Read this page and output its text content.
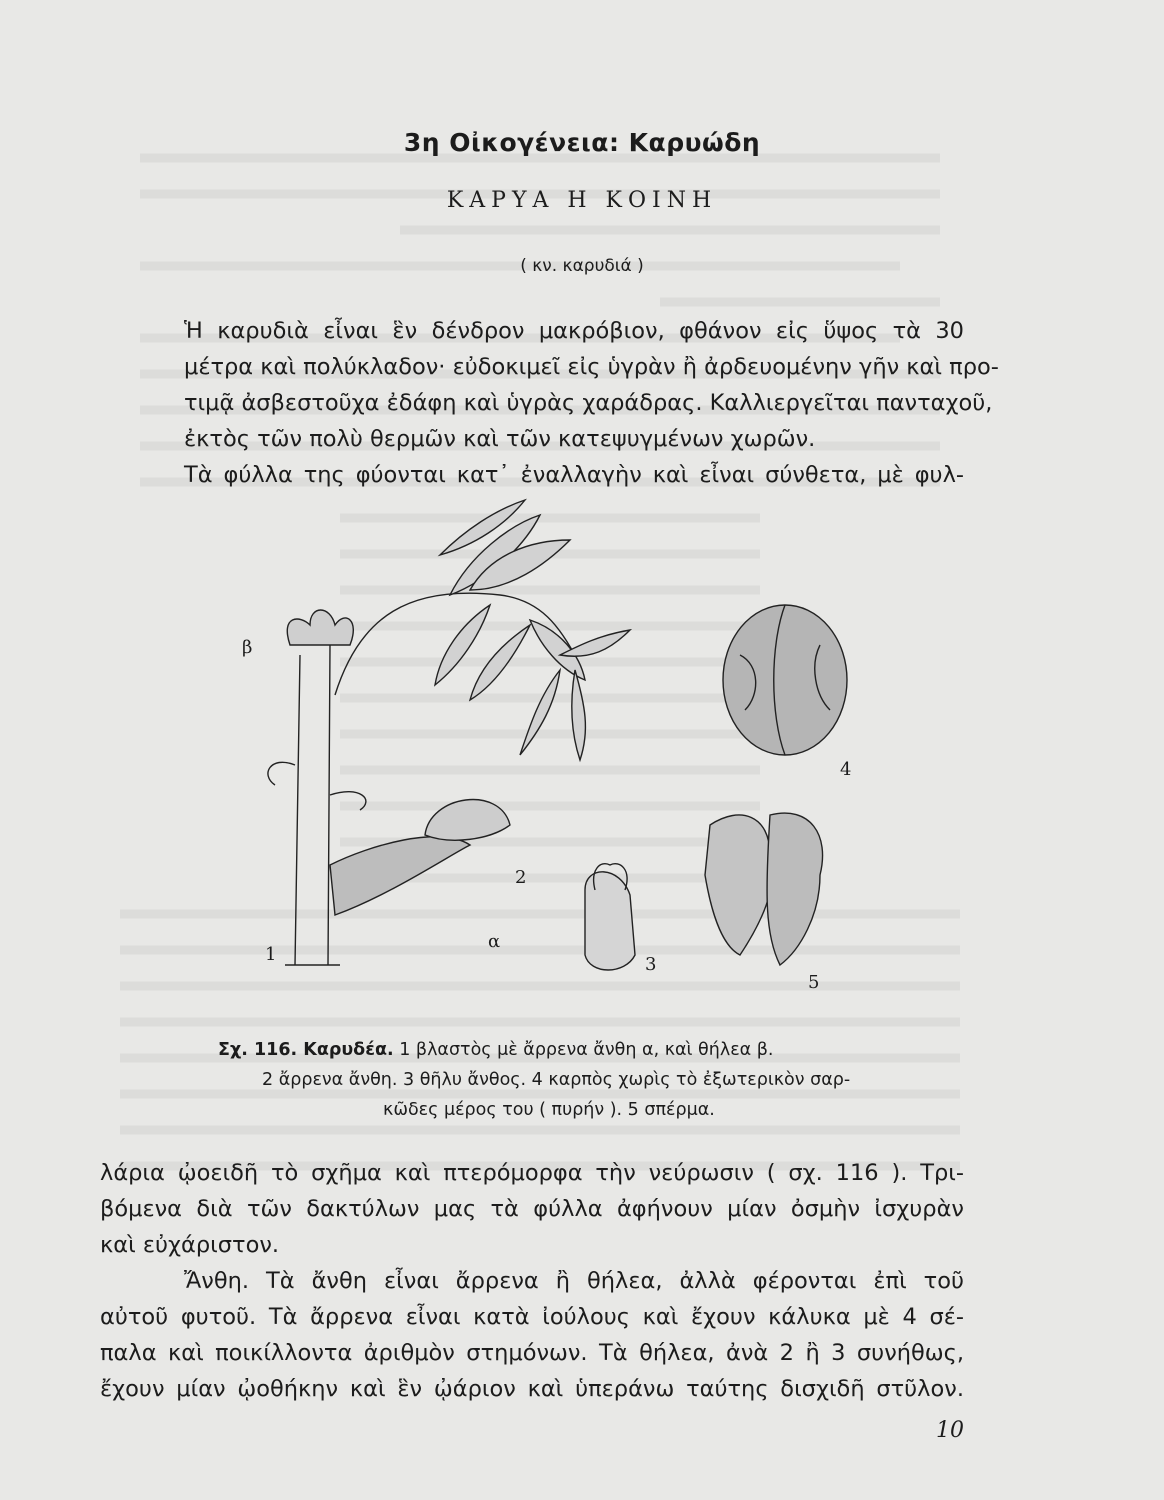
3η Οἰκογένεια: Καρυώδη
ΚΑΡΥΑ Η ΚΟΙΝΗ
( κν. καρυδιά )
Ἡ καρυδιὰ εἶναι ἓν δένδρον μακρόβιον, φθάνον εἰς ὕψος τὰ 30
μέτρα καὶ πολύκλαδον· εὐδοκιμεῖ εἰς ὑγρὰν ἢ ἀρδευομένην γῆν καὶ προ-
τιμᾷ ἀσβεστοῦχα ἐδάφη καὶ ὑγρὰς χαράδρας. Καλλιεργεῖται πανταχοῦ,
ἐκτὸς τῶν πολὺ θερμῶν καὶ τῶν κατεψυγμένων χωρῶν.
Τὰ φύλλα της φύονται κατ᾽ ἐναλλαγὴν καὶ εἶναι σύνθετα, μὲ φυλ-
β
α
1
2
3
4
5
Σχ. 116. Καρυδέα. 1 βλαστὸς μὲ ἄρρενα ἄνθη α, καὶ θήλεα β.
2 ἄρρενα ἄνθη. 3 θῆλυ ἄνθος. 4 καρπὸς χωρὶς τὸ ἐξωτερικὸν σαρ-
κῶδες μέρος του ( πυρήν ). 5 σπέρμα.
λάρια ᾠοειδῆ τὸ σχῆμα καὶ πτερόμορφα τὴν νεύρωσιν ( σχ. 116 ). Τρι-
βόμενα διὰ τῶν δακτύλων μας τὰ φύλλα ἀφήνουν μίαν ὀσμὴν ἰσχυρὰν
καὶ εὐχάριστον.
Ἄνθη. Τὰ ἄνθη εἶναι ἄρρενα ἢ θήλεα, ἀλλὰ φέρονται ἐπὶ τοῦ
αὐτοῦ φυτοῦ. Τὰ ἄρρενα εἶναι κατὰ ἰούλους καὶ ἔχουν κάλυκα μὲ 4 σέ-
παλα καὶ ποικίλλοντα ἀριθμὸν στημόνων. Τὰ θήλεα, ἀνὰ 2 ἢ 3 συνήθως,
ἔχουν μίαν ᾠοθήκην καὶ ἓν ᾠάριον καὶ ὑπεράνω ταύτης δισχιδῆ στῦλον.
10
